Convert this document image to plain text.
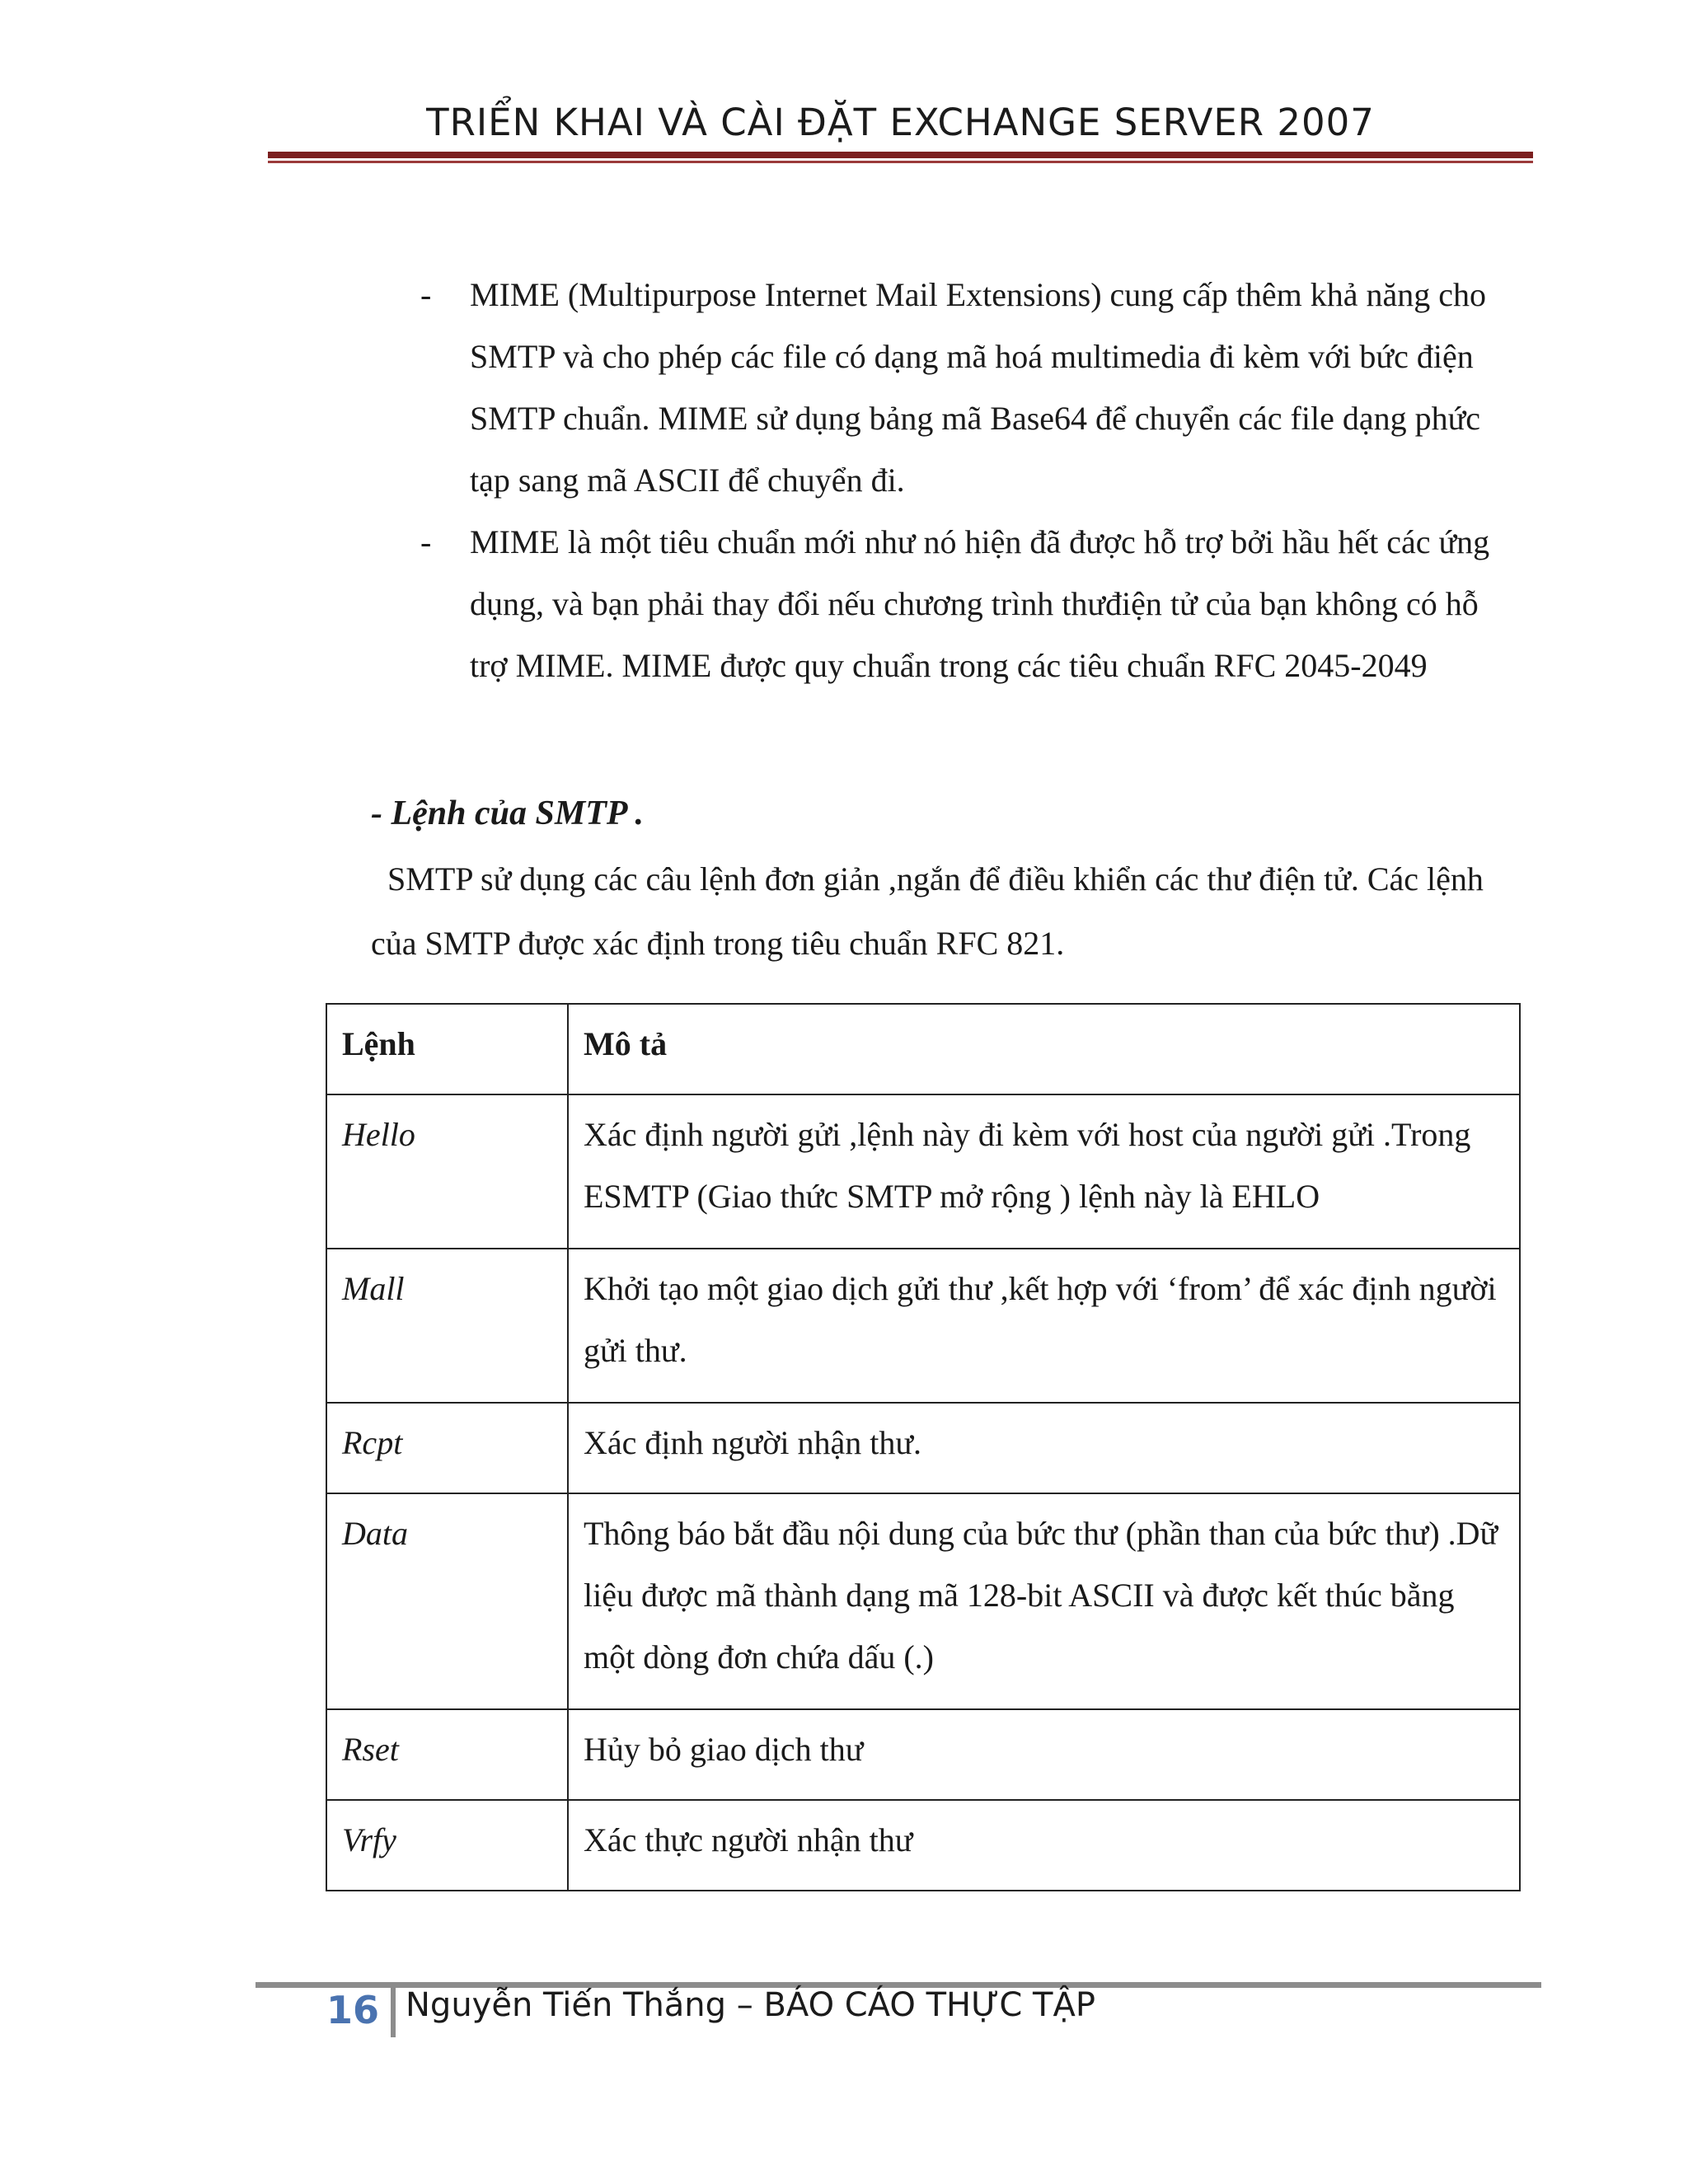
TRIỂN KHAI VÀ CÀI ĐẶT EXCHANGE SERVER 2007
- MIME (Multipurpose Internet Mail Extensions) cung cấp thêm khả năng cho SMTP và cho phép các file có dạng mã hoá multimedia đi kèm với bức điện SMTP chuẩn. MIME sử dụng bảng mã Base64 để chuyển các file dạng phức tạp sang mã ASCII để chuyển đi.
- MIME là một tiêu chuẩn mới như nó hiện đã được hỗ trợ bởi hầu hết các ứng dụng, và bạn phải thay đổi nếu chương trình thưđiện tử của bạn không có hỗ trợ MIME. MIME được quy chuẩn trong các tiêu chuẩn RFC 2045-2049
- Lệnh của SMTP .
SMTP sử dụng các câu lệnh đơn giản ,ngắn để điều khiển các thư điện tử. Các lệnh của SMTP được xác định trong tiêu chuẩn RFC 821.
Lệnh	Mô tả
Hello	Xác định người gửi ,lệnh này đi kèm với host của người gửi .Trong ESMTP (Giao thức SMTP mở rộng ) lệnh này là EHLO
Mall	Khởi tạo một giao dịch gửi thư ,kết hợp với ‘from’ để xác định người gửi thư.
Rcpt	Xác định người nhận thư.
Data	Thông báo bắt đầu nội dung của bức thư (phần than của bức thư) .Dữ liệu được mã thành dạng mã 128-bit ASCII và được kết thúc bằng một dòng đơn chứa dấu (.)
Rset	Hủy bỏ giao dịch thư
Vrfy	Xác thực người nhận thư
16 Nguyễn Tiến Thắng – BÁO CÁO THỰC TẬP
